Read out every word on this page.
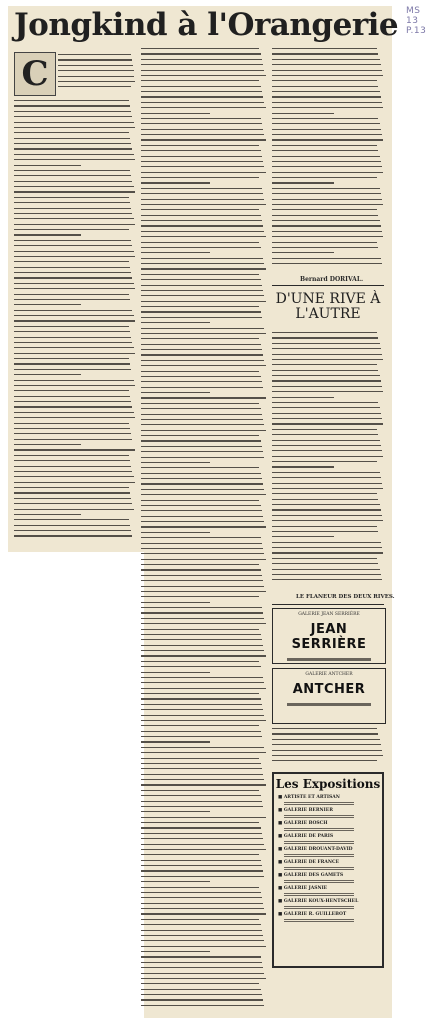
MS 13 P.13
Jongkind à l'Orangerie
C
Bernard DORIVAL.
D'UNE RIVE À L'AUTRE
LE FLANEUR DES DEUX RIVES.
GALERIE JEAN SERRIÈRE
JEAN SERRIÈRE
GALERIE ANTCHER
ANTCHER
Les Expositions
■ ARTISTE ET ARTISAN
■ GALERIE BERNIER
■ GALERIE BOSCH
■ GALERIE DE PARIS
■ GALERIE DROUANT-DAVID
■ GALERIE DE FRANCE
■ GALERIE DES GAMETS
■ GALERIE JASNIE
■ GALERIE KOUX-HENTSCHEL
■ GALERIE R. GUILLEBOT
